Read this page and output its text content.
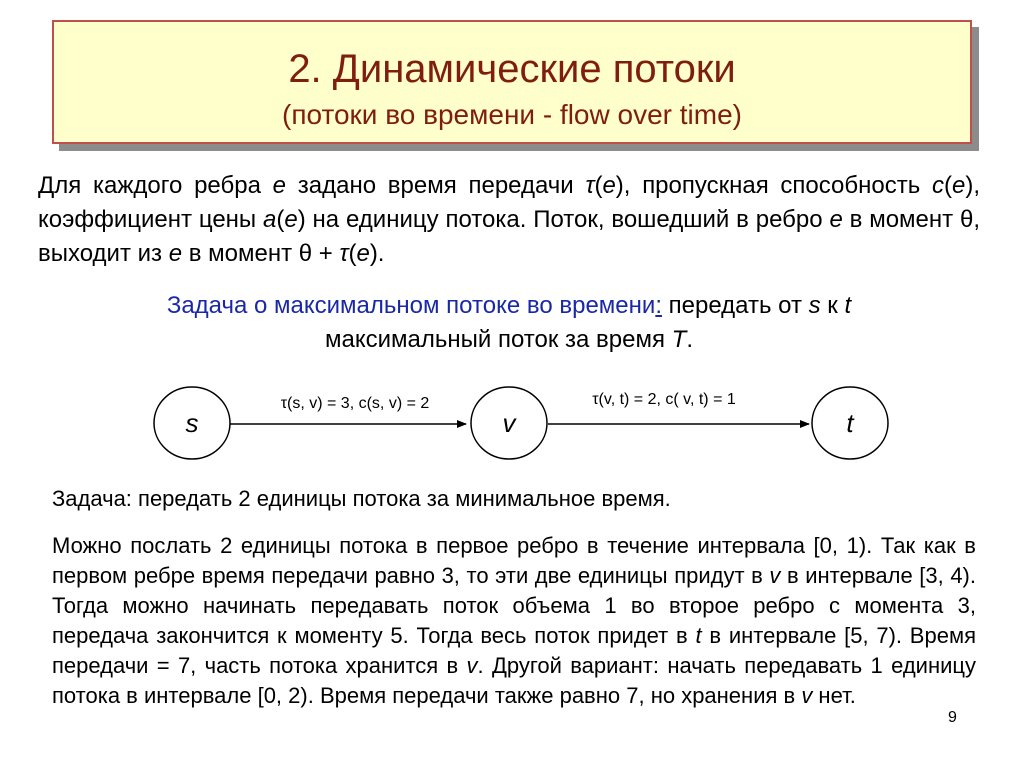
2. Динамические потоки
(потоки во времени - flow over time)
Для каждого ребра e задано время передачи τ(e), пропускная способность c(e), коэффициент цены a(e) на единицу потока. Поток, вошедший в ребро e в момент θ, выходит из e в момент θ + τ(e).
Задача о максимальном потоке во времени: передать от s к t
максимальный поток за время T.
s	v	t
τ(s, v) = 3, c(s, v) = 2	τ(v, t) = 2, c( v, t) = 1
Задача: передать 2 единицы потока за минимальное время.
Можно послать 2 единицы потока в первое ребро в течение интервала [0, 1). Так как в первом ребре время передачи равно 3, то эти две единицы придут в v в интервале [3, 4). Тогда можно начинать передавать поток объема 1 во второе ребро с момента 3, передача закончится к моменту 5. Тогда весь поток придет в t в интервале [5, 7). Время передачи = 7, часть потока хранится в v. Другой вариант: начать передавать 1 единицу потока в интервале [0, 2). Время передачи также равно 7, но хранения в v нет.
9
